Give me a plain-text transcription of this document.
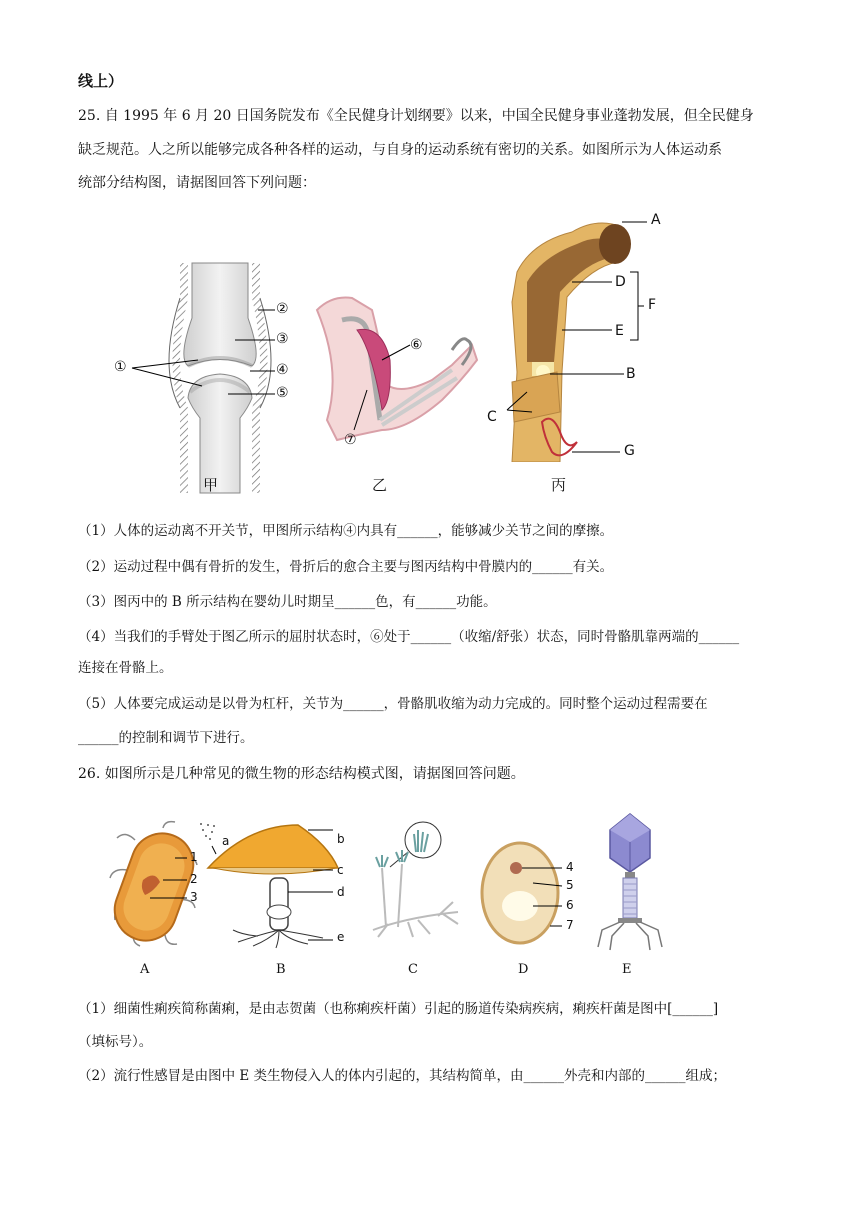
线上）
25. 自 1995 年 6 月 20 日国务院发布《全民健身计划纲要》以来，中国全民健身事业蓬勃发展，但全民健身
缺乏规范。人之所以能够完成各种各样的运动，与自身的运动系统有密切的关系。如图所示为人体运动系
统部分结构图，请据图回答下列问题：
①
②
③
④
⑤
甲
⑥
⑦
乙
A
B
C
D
E
F
G
丙
（1）人体的运动离不开关节，甲图所示结构④内具有______，能够减少关节之间的摩擦。
（2）运动过程中偶有骨折的发生，骨折后的愈合主要与图丙结构中骨膜内的______有关。
（3）图丙中的 B 所示结构在婴幼儿时期呈______色，有______功能。
（4）当我们的手臂处于图乙所示的屈肘状态时，⑥处于______（收缩/舒张）状态，同时骨骼肌靠两端的______
连接在骨骼上。
（5）人体要完成运动是以骨为杠杆，关节为______，骨骼肌收缩为动力完成的。同时整个运动过程需要在
______的控制和调节下进行。
26. 如图所示是几种常见的微生物的形态结构模式图，请据图回答问题。
1
2
3
A
a	b
c
d
e
B	C
4
5
6
7
D	E
（1）细菌性痢疾简称菌痢，是由志贺菌（也称痢疾杆菌）引起的肠道传染病疾病，痢疾杆菌是图中[______]
（填标号）。
（2）流行性感冒是由图中 E 类生物侵入人的体内引起的，其结构简单，由______外壳和内部的______组成；
